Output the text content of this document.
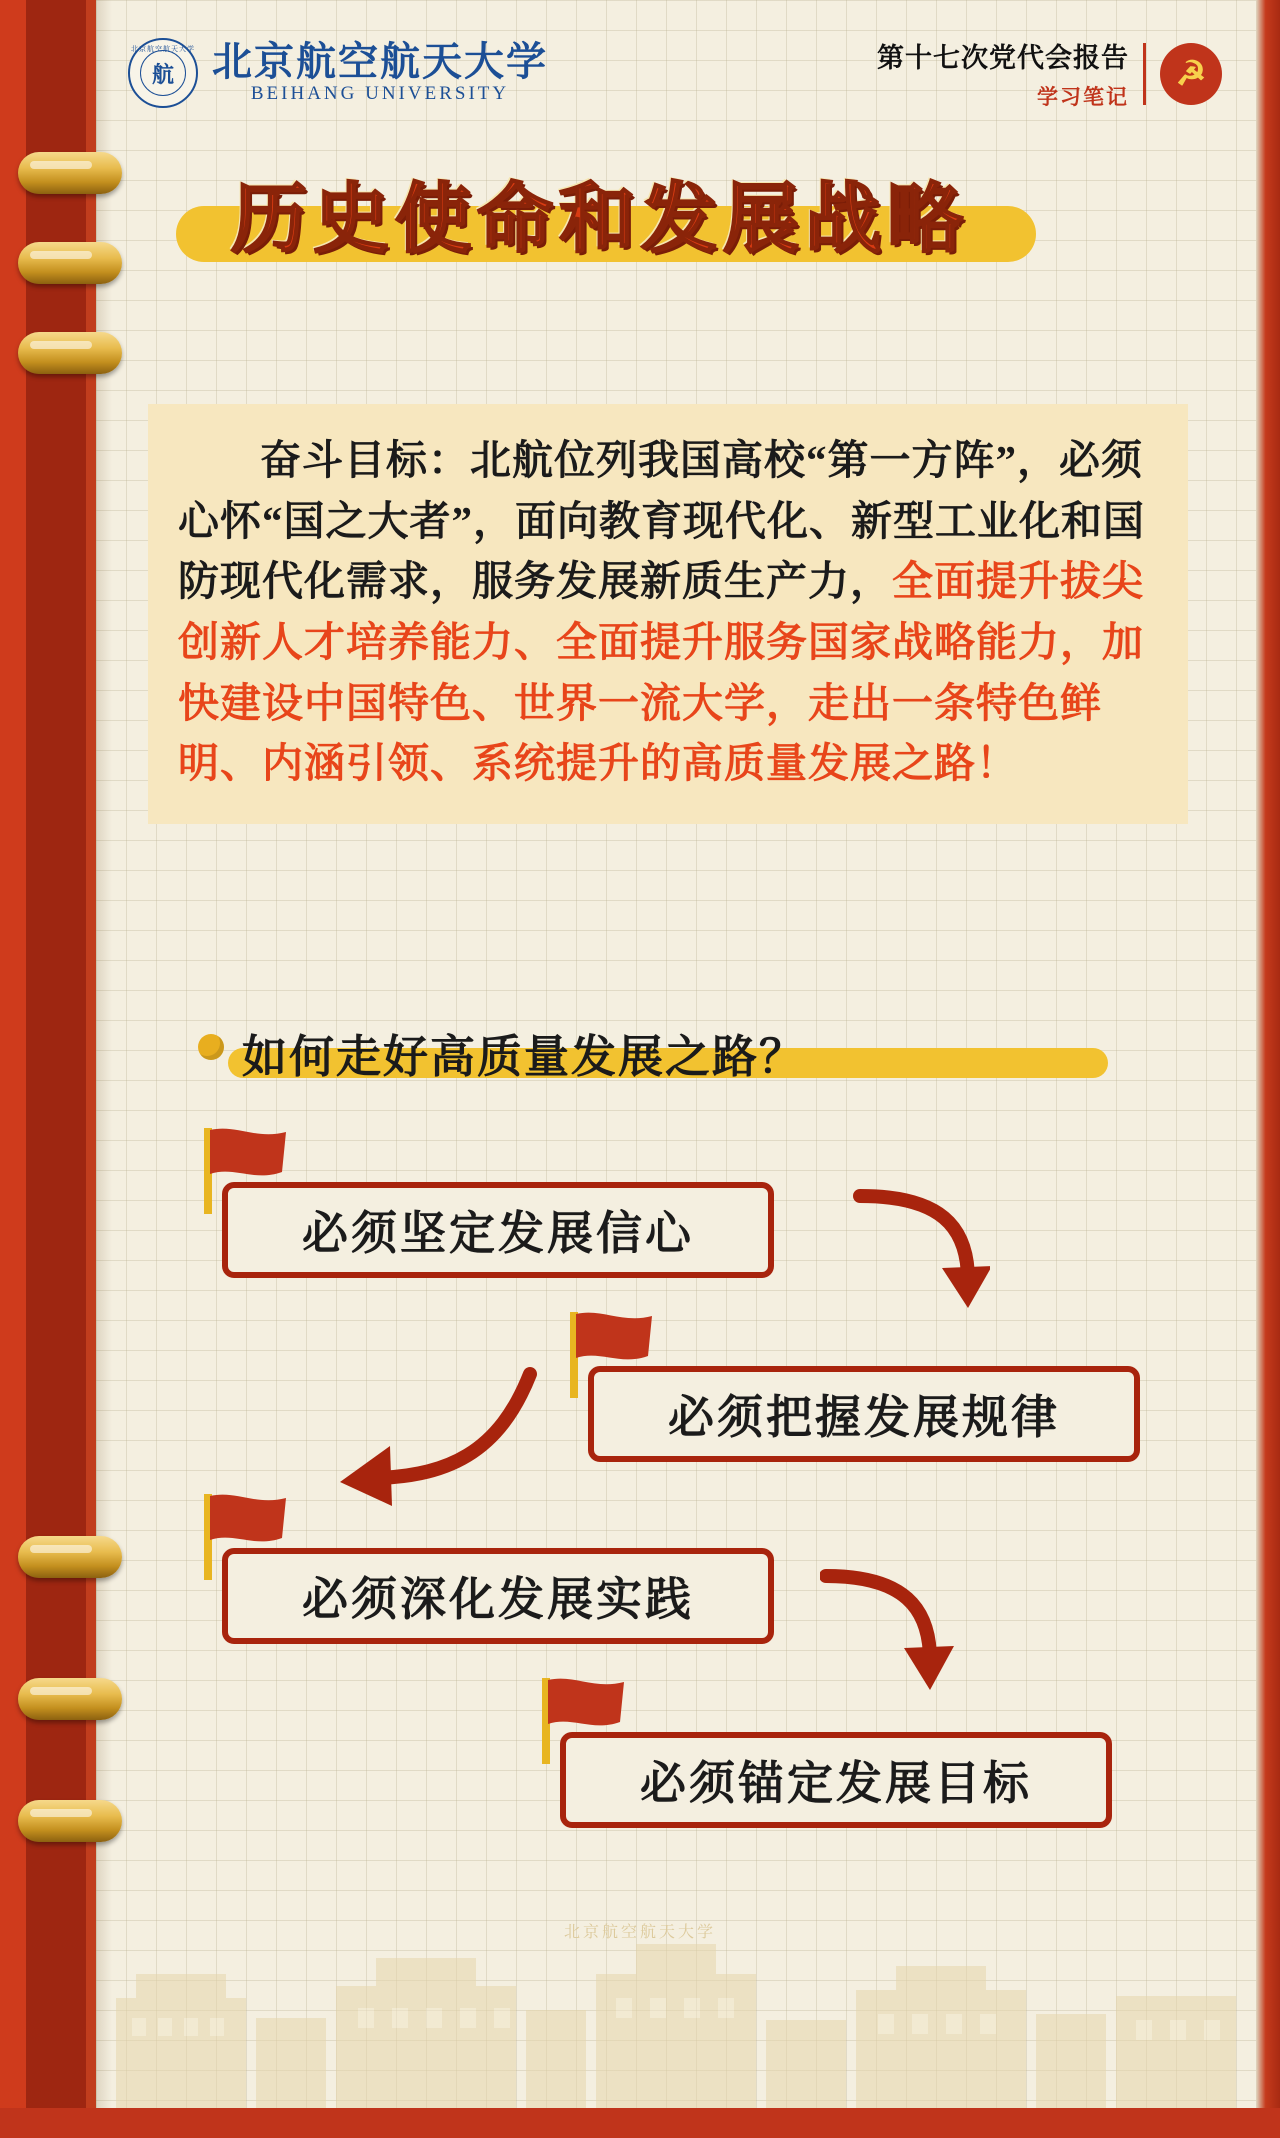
北京航空航天大学
航 北京航空航天大学
BEIHANG UNIVERSITY
第十七次党代会报告
学习笔记
☭
历史使命和发展战略
奋斗目标：北航位列我国高校“第一方阵”，必须心怀“国之大者”，面向教育现代化、新型工业化和国防现代化需求，服务发展新质生产力，全面提升拔尖创新人才培养能力、全面提升服务国家战略能力，加快建设中国特色、世界一流大学，走出一条特色鲜明、内涵引领、系统提升的高质量发展之路！
如何走好高质量发展之路？
必须坚定发展信心
必须把握发展规律
必须深化发展实践
必须锚定发展目标
北京航空航天大学
